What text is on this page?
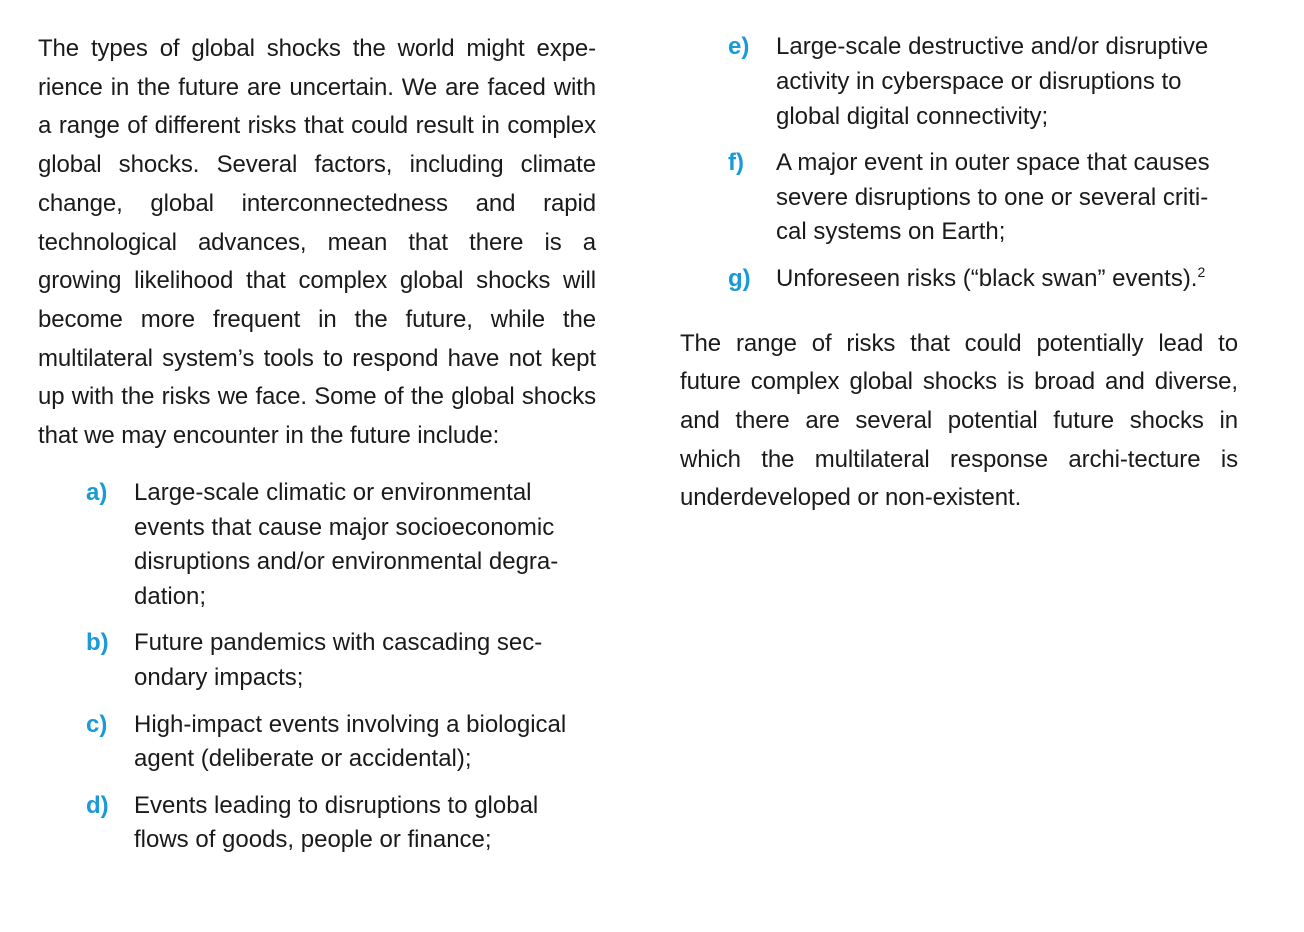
The types of global shocks the world might expe-rience in the future are uncertain. We are faced with a range of different risks that could result in complex global shocks. Several factors, including climate change, global interconnectedness and rapid technological advances, mean that there is a growing likelihood that complex global shocks will become more frequent in the future, while the multilateral system’s tools to respond have not kept up with the risks we face. Some of the global shocks that we may encounter in the future include:

a)	Large-scale climatic or environmental events that cause major socioeconomic disruptions and/or environmental degra-dation;
b)	Future pandemics with cascading sec-ondary impacts;
c)	High-impact events involving a biological agent (deliberate or accidental);
d)	Events leading to disruptions to global flows of goods, people or finance;
e)	Large-scale destructive and/or disruptive activity in cyberspace or disruptions to global digital connectivity;
f)	A major event in outer space that causes severe disruptions to one or several criti-cal systems on Earth;
g)	Unforeseen risks (“black swan” events).$^2$

The range of risks that could potentially lead to future complex global shocks is broad and diverse, and there are several potential future shocks in which the multilateral response archi-tecture is underdeveloped or non-existent.
